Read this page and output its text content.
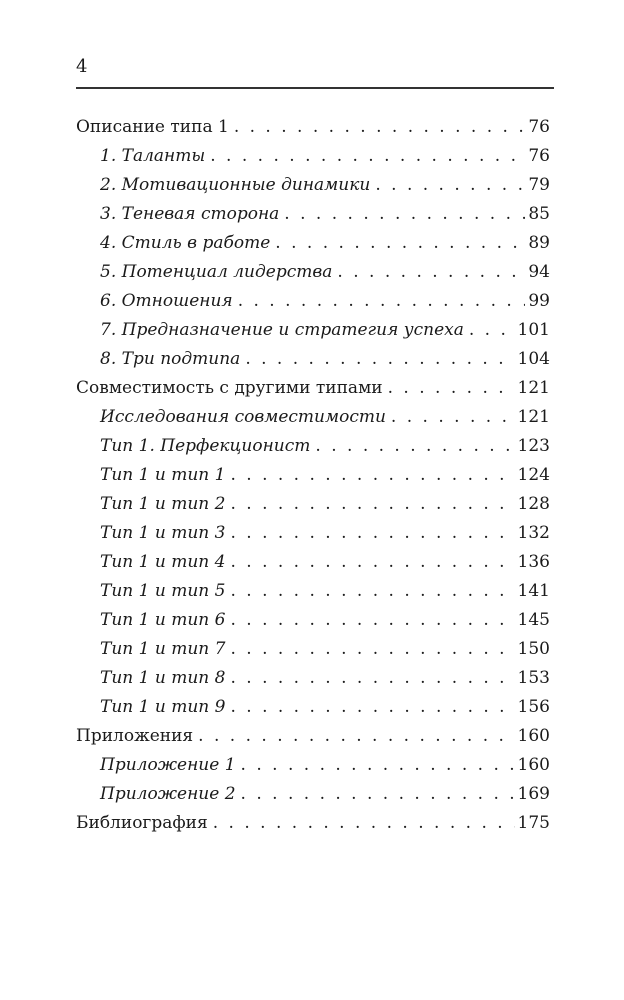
4
Описание типа 1 . . .	76
1. Таланты . . .	76
2. Мотивационные динамики . . .	79
3. Теневая сторона . . .	85
4. Стиль в работе . . .	89
5. Потенциал лидерства . . .	94
6. Отношения . . .	99
7. Предназначение и стратегия успеха . . .	101
8. Три подтипа . . .	104
Совместимость с другими типами . . .	121
Исследования совместимости . . .	121
Тип 1. Перфекционист . . .	123
Тип 1 и тип 1 . . .	124
Тип 1 и тип 2 . . .	128
Тип 1 и тип 3 . . .	132
Тип 1 и тип 4 . . .	136
Тип 1 и тип 5 . . .	141
Тип 1 и тип 6 . . .	145
Тип 1 и тип 7 . . .	150
Тип 1 и тип 8 . . .	153
Тип 1 и тип 9 . . .	156
Приложения . . .	160
Приложение 1 . . .	160
Приложение 2 . . .	169
Библиография . . .	175
